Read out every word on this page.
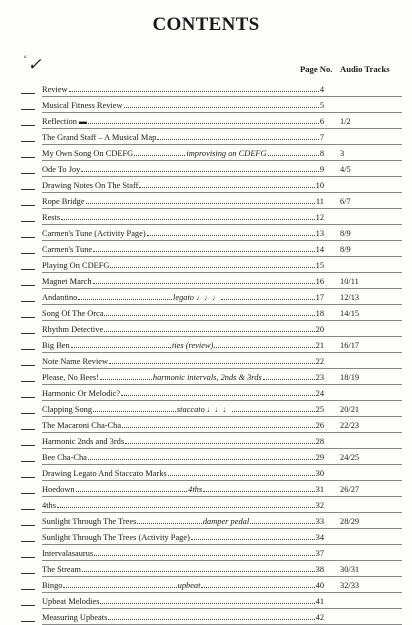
CONTENTS
$^a$✓	Page No. Audio Tracks
Review	4
Musical Fitness Review	5
Reflection ▬	6 1/2
The Grand Staff – A Musical Map	7
My Own Song On CDEFG	improvising on CDEFG	8 3
Ode To Joy	9 4/5
Drawing Notes On The Staff	10
Rope Bridge	11 6/7
Rests	12
Carmen's Tune (Activity Page)	13 8/9
Carmen's Tune	14 8/9
Playing On CDEFG	15
Magnet March	16 10/11
Andantino	legato ♩♩♩	17 12/13
Song Of The Orca	18 14/15
Rhythm Detective	20
Big Ben	ties (review)	21 16/17
Note Name Review	22
Please, No Bees!	harmonic intervals, 2nds & 3rds	23 18/19
Harmonic Or Melodic?	24
Clapping Song	staccato ♩♩♩	25 20/21
The Macaroni Cha-Cha	26 22/23
Harmonic 2nds and 3rds	28
Bee Cha-Cha	29 24/25
Drawing Legato And Staccato Marks	30
Hoedown	4ths	31 26/27
4ths	32
Sunlight Through The Trees	damper pedal	33 28/29
Sunlight Through The Trees (Activity Page)	34
Intervalasaurus	37
The Stream	38 30/31
Bingo	upbeat	40 32/33
Upbeat Melodies	41
Measuring Upbeats	42
